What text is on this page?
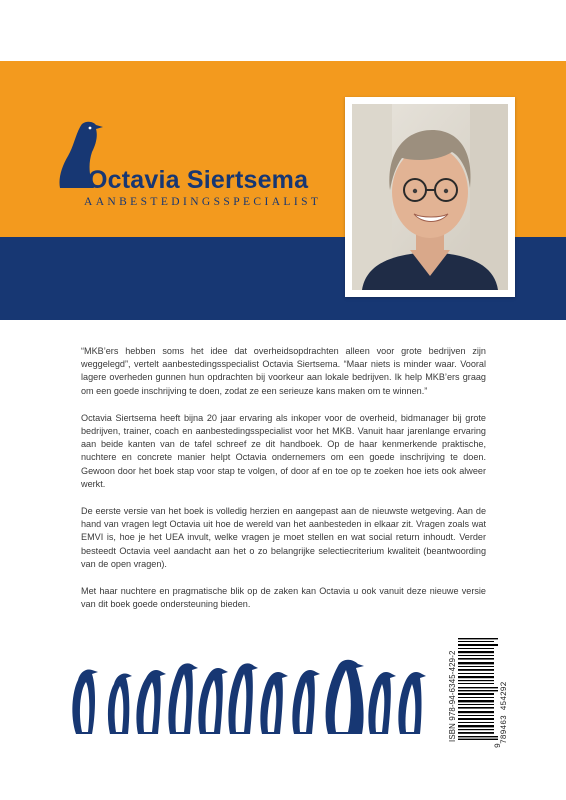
Octavia Siertsema
AANBESTEDINGSSPECIALIST

“MKB’ers hebben soms het idee dat overheidsopdrachten alleen voor grote bedrijven zijn weggelegd”, vertelt aanbestedingsspecialist Octavia Siertsema. “Maar niets is minder waar. Vooral lagere overheden gunnen hun opdrachten bij voorkeur aan lokale bedrijven. Ik help MKB’ers graag om een goede inschrijving te doen, zodat ze een serieuze kans maken om te winnen.”

Octavia Siertsema heeft bijna 20 jaar ervaring als inkoper voor de overheid, bidmanager bij grote bedrijven, trainer, coach en aanbestedingsspecialist voor het MKB. Vanuit haar jarenlange ervaring aan beide kanten van de tafel schreef ze dit handboek. Op de haar kenmerkende praktische, nuchtere en concrete manier helpt Octavia ondernemers om een goede inschrijving te doen. Gewoon door het boek stap voor stap te volgen, of door af en toe op te zoeken hoe iets ook alweer werkt.

De eerste versie van het boek is volledig herzien en aangepast aan de nieuwste wetgeving. Aan de hand van vragen legt Octavia uit hoe de wereld van het aanbesteden in elkaar zit. Vragen zoals wat EMVI is, hoe je het UEA invult, welke vragen je moet stellen en wat social return inhoudt. Verder besteedt Octavia veel aandacht aan het o zo belangrijke selectiecriterium kwaliteit (beantwoording van de open vragen).

Met haar nuchtere en pragmatische blik op de zaken kan Octavia u ook vanuit deze nieuwe versie van dit boek goede ondersteuning bieden.

ISBN 978-94-6345-429-2
9
789463 454292
